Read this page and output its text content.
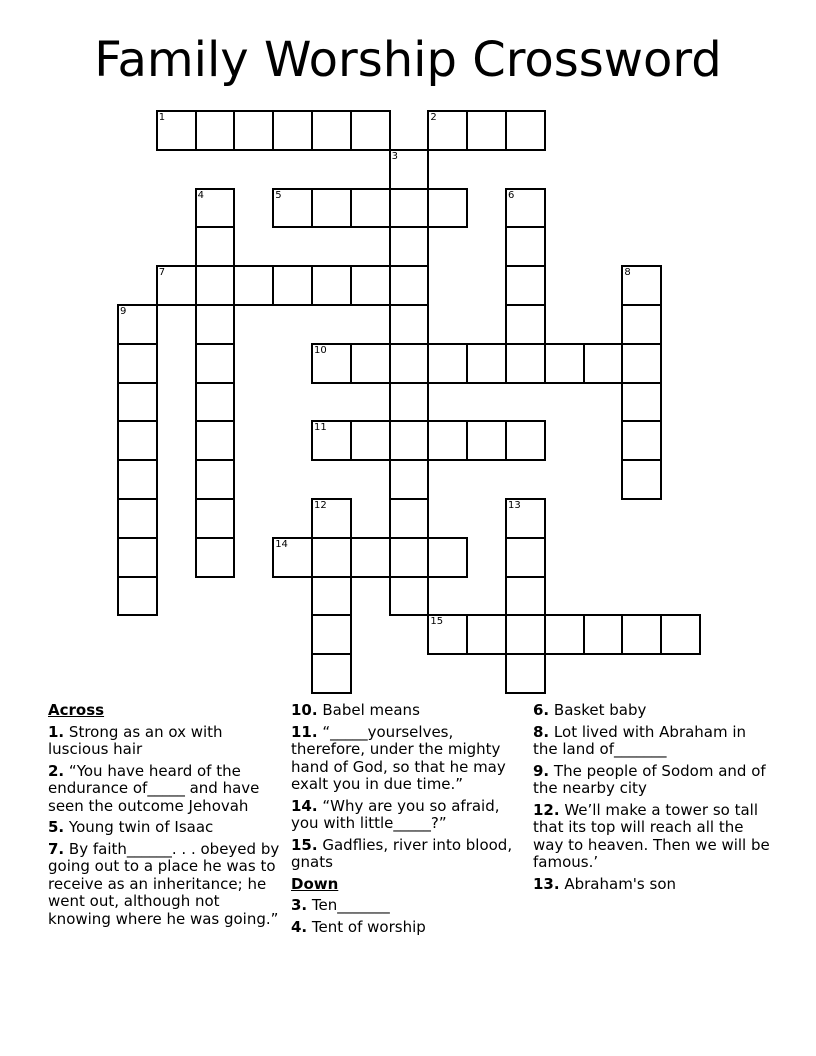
Family Worship Crossword
1	2
3
4	5	6
7	8
9
10
11
12	13
14
15
Across
1. Strong as an ox with luscious hair
2. “You have heard of the endurance of_____ and have seen the outcome Jehovah
5. Young twin of Isaac
7. By faith______. . . obeyed by going out to a place he was to receive as an inheritance; he went out, although not knowing where he was going.”
10. Babel means
11. “_____yourselves, therefore, under the mighty hand of God, so that he may exalt you in due time.”
14. “Why are you so afraid, you with little_____?”
15. Gadflies, river into blood, gnats
Down
3. Ten_______
4. Tent of worship
6. Basket baby
8. Lot lived with Abraham in the land of_______
9. The people of Sodom and of the nearby city
12. We’ll make a tower so tall that its top will reach all the way to heaven. Then we will be famous.’
13. Abraham's son
